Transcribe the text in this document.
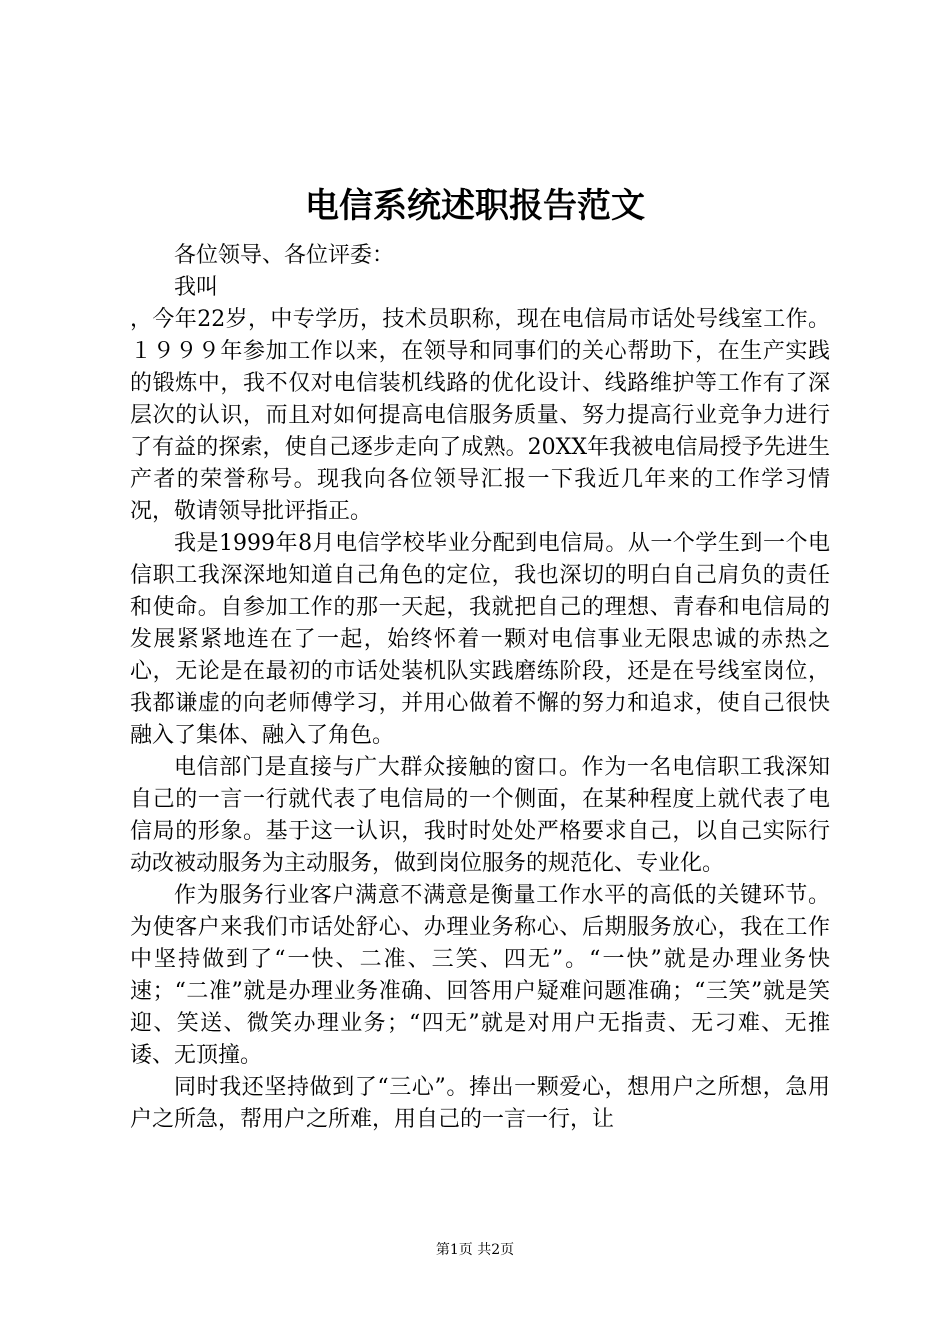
电信系统述职报告范文

各位领导、各位评委：

我叫

，今年22岁，中专学历，技术员职称，现在电信局市话处号线室工作。１９９９年参加工作以来，在领导和同事们的关心帮助下，在生产实践的锻炼中，我不仅对电信装机线路的优化设计、线路维护等工作有了深层次的认识，而且对如何提高电信服务质量、努力提高行业竞争力进行了有益的探索，使自己逐步走向了成熟。20XX年我被电信局授予先进生产者的荣誉称号。现我向各位领导汇报一下我近几年来的工作学习情况，敬请领导批评指正。

我是1999年8月电信学校毕业分配到电信局。从一个学生到一个电信职工我深深地知道自己角色的定位，我也深切的明白自己肩负的责任和使命。自参加工作的那一天起，我就把自己的理想、青春和电信局的发展紧紧地连在了一起，始终怀着一颗对电信事业无限忠诚的赤热之心，无论是在最初的市话处装机队实践磨练阶段，还是在号线室岗位，我都谦虚的向老师傅学习，并用心做着不懈的努力和追求，使自己很快融入了集体、融入了角色。

电信部门是直接与广大群众接触的窗口。作为一名电信职工我深知自己的一言一行就代表了电信局的一个侧面，在某种程度上就代表了电信局的形象。基于这一认识，我时时处处严格要求自己，以自己实际行动改被动服务为主动服务，做到岗位服务的规范化、专业化。

作为服务行业客户满意不满意是衡量工作水平的高低的关键环节。为使客户来我们市话处舒心、办理业务称心、后期服务放心，我在工作中坚持做到了“一快、二准、三笑、四无”。“一快”就是办理业务快速；“二准”就是办理业务准确、回答用户疑难问题准确；“三笑”就是笑迎、笑送、微笑办理业务；“四无”就是对用户无指责、无刁难、无推诿、无顶撞。

同时我还坚持做到了“三心”。捧出一颗爱心，想用户之所想，急用户之所急，帮用户之所难，用自己的一言一行，让

第1页 共2页
